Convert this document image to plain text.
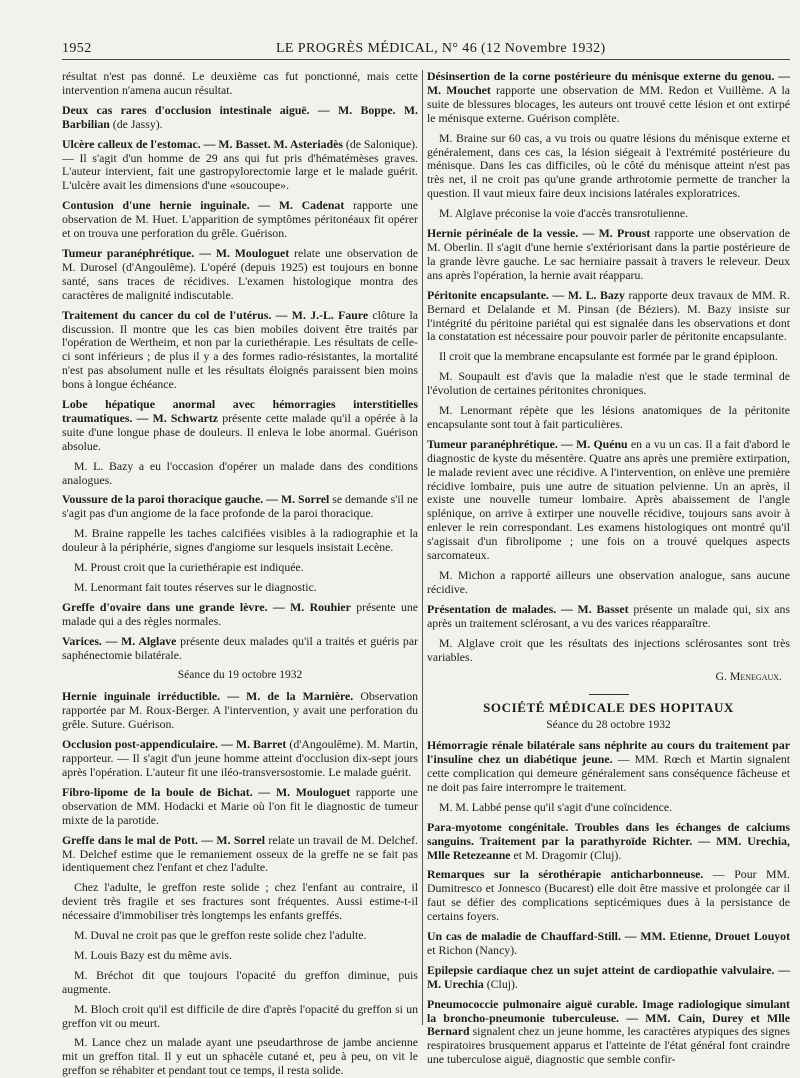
1952	LE PROGRÈS MÉDICAL, N° 46 (12 Novembre 1932)

résultat n'est pas donné. Le deuxième cas fut ponctionné, mais cette intervention n'amena aucun résultat.

Deux cas rares d'occlusion intestinale aiguë. — M. Boppe. M. Barbilian (de Jassy).

Ulcère calleux de l'estomac. — M. Basset. M. Asteriadès (de Salonique). — Il s'agit d'un homme de 29 ans qui fut pris d'hématémèses graves. L'auteur intervient, fait une gastropylorectomie large et le malade guérit. L'ulcère avait les dimensions d'une «soucoupe».

Contusion d'une hernie inguinale. — M. Cadenat rapporte une observation de M. Huet. L'apparition de symptômes péritonéaux fit opérer et on trouva une perforation du grêle. Guérison.

Tumeur paranéphrétique. — M. Mouloguet relate une observation de M. Durosel (d'Angoulême). L'opéré (depuis 1925) est toujours en bonne santé, sans traces de récidives. L'examen histologique montra des caractères de malignité indiscutable.

Traitement du cancer du col de l'utérus. — M. J.-L. Faure clôture la discussion. Il montre que les cas bien mobiles doivent être traités par l'opération de Wertheim, et non par la curiethérapie. Les résultats de celle-ci sont inférieurs ; de plus il y a des formes radio-résistantes, la mortalité n'est pas absolument nulle et les résultats éloignés paraissent bien moins bons à longue échéance.

Lobe hépatique anormal avec hémorragies interstitielles traumatiques. — M. Schwartz présente cette malade qu'il a opérée à la suite d'une longue phase de douleurs. Il enleva le lobe anormal. Guérison absolue.

M. L. Bazy a eu l'occasion d'opérer un malade dans des conditions analogues.

Voussure de la paroi thoracique gauche. — M. Sorrel se demande s'il ne s'agit pas d'un angiome de la face profonde de la paroi thoracique.

M. Braine rappelle les taches calcifiées visibles à la radiographie et la douleur à la périphérie, signes d'angiome sur lesquels insistait Lecène.

M. Proust croit que la curiethérapie est indiquée.

M. Lenormant fait toutes réserves sur le diagnostic.

Greffe d'ovaire dans une grande lèvre. — M. Rouhier présente une malade qui a des règles normales.

Varices. — M. Alglave présente deux malades qu'il a traités et guéris par saphénectomie bilatérale.

Séance du 19 octobre 1932

Hernie inguinale irréductible. — M. de la Marnière. Observation rapportée par M. Roux-Berger. A l'intervention, y avait une perforation du grêle. Suture. Guérison.

Occlusion post-appendiculaire. — M. Barret (d'Angoulême). M. Martin, rapporteur. — Il s'agit d'un jeune homme atteint d'occlusion dix-sept jours après l'opération. L'auteur fit une iléo-transversostomie. Le malade guérit.

Fibro-lipome de la boule de Bichat. — M. Mouloguet rapporte une observation de MM. Hodacki et Marie où l'on fit le diagnostic de tumeur mixte de la parotide.

Greffe dans le mal de Pott. — M. Sorrel relate un travail de M. Delchef. M. Delchef estime que le remaniement osseux de la greffe ne se fait pas identiquement chez l'enfant et chez l'adulte.

Chez l'adulte, le greffon reste solide ; chez l'enfant au contraire, il devient très fragile et ses fractures sont fréquentes. Aussi estime-t-il nécessaire d'immobiliser très longtemps les enfants greffés.

M. Duval ne croit pas que le greffon reste solide chez l'adulte.

M. Louis Bazy est du même avis.

M. Bréchot dit que toujours l'opacité du greffon diminue, puis augmente.

M. Bloch croit qu'il est difficile de dire d'après l'opacité du greffon si un greffon vit ou meurt.

M. Lance chez un malade ayant une pseudarthrose de jambe ancienne mit un greffon tital. Il y eut un sphacèle cutané et, peu à peu, on vit le greffon se réhabiter et pendant tout ce temps, il resta solide.

Désinsertion de la corne postérieure du ménisque externe du genou. — M. Mouchet rapporte une observation de MM. Redon et Vuillème. A la suite de blessures blocages, les auteurs ont trouvé cette lésion et ont extirpé le ménisque externe. Guérison complète.

M. Braine sur 60 cas, a vu trois ou quatre lésions du ménisque externe et généralement, dans ces cas, la lésion siégeait à l'extrémité postérieure du ménisque. Dans les cas difficiles, où le côté du ménisque atteint n'est pas très net, il ne croit pas qu'une grande arthrotomie permette de trancher la question. Il vaut mieux faire deux incisions latérales exploratrices.

M. Alglave préconise la voie d'accès transrotulienne.

Hernie périnéale de la vessie. — M. Proust rapporte une observation de M. Oberlin. Il s'agit d'une hernie s'extériorisant dans la partie postérieure de la grande lèvre gauche. Le sac herniaire passait à travers le releveur. Deux ans après l'opération, la hernie avait réapparu.

Péritonite encapsulante. — M. L. Bazy rapporte deux travaux de MM. R. Bernard et Delalande et M. Pinsan (de Béziers). M. Bazy insiste sur l'intégrité du péritoine pariétal qui est signalée dans les observations et dont la constatation est nécessaire pour pouvoir parler de péritonite encapsulante.

Il croit que la membrane encapsulante est formée par le grand épiploon.

M. Soupault est d'avis que la maladie n'est que le stade terminal de l'évolution de certaines péritonites chroniques.

M. Lenormant répète que les lésions anatomiques de la péritonite encapsulante sont tout à fait particulières.

Tumeur paranéphrétique. — M. Quénu en a vu un cas. Il a fait d'abord le diagnostic de kyste du mésentère. Quatre ans après une première extirpation, le malade revient avec une récidive. A l'intervention, on enlève une première récidive lombaire, puis une autre de situation pelvienne. Un an après, il existe une nouvelle tumeur lombaire. Après abaissement de l'angle splénique, on arrive à extirper une nouvelle récidive, toujours sans avoir à enlever le rein correspondant. Les examens histologiques ont montré qu'il s'agissait d'un fibrolipome ; une fois on a trouvé quelques aspects sarcomateux.

M. Michon a rapporté ailleurs une observation analogue, sans aucune récidive.

Présentation de malades. — M. Basset présente un malade qui, six ans après un traitement sclérosant, a vu des varices réapparaître.

M. Alglave croit que les résultats des injections sclérosantes sont très variables.

G. Menegaux.

SOCIÉTÉ MÉDICALE DES HOPITAUX

Séance du 28 octobre 1932

Hémorragie rénale bilatérale sans néphrite au cours du traitement par l'insuline chez un diabétique jeune. — MM. Rœch et Martin signalent cette complication qui demeure généralement sans conséquence fâcheuse et ne doit pas faire interrompre le traitement.

M. M. Labbé pense qu'il s'agit d'une coïncidence.

Para-myotome congénitale. Troubles dans les échanges de calciums sanguins. Traitement par la parathyroïde Richter. — MM. Urechia, Mlle Retezeanne et M. Dragomir (Cluj).

Remarques sur la sérothérapie anticharbonneuse. — Pour MM. Dumitresco et Jonnesco (Bucarest) elle doit être massive et prolongée car il faut se défier des complications septicémiques dues à la persistance de certains foyers.

Un cas de maladie de Chauffard-Still. — MM. Etienne, Drouet Louyot et Richon (Nancy).

Epilepsie cardiaque chez un sujet atteint de cardiopathie valvulaire. — M. Urechia (Cluj).

Pneumococcie pulmonaire aiguë curable. Image radiologique simulant la broncho-pneumonie tuberculeuse. — MM. Cain, Durey et Mlle Bernard signalent chez un jeune homme, les caractères atypiques des signes respiratoires brusquement apparus et l'atteinte de l'état général font craindre une tuberculose aiguë, diagnostic que semble confir-
